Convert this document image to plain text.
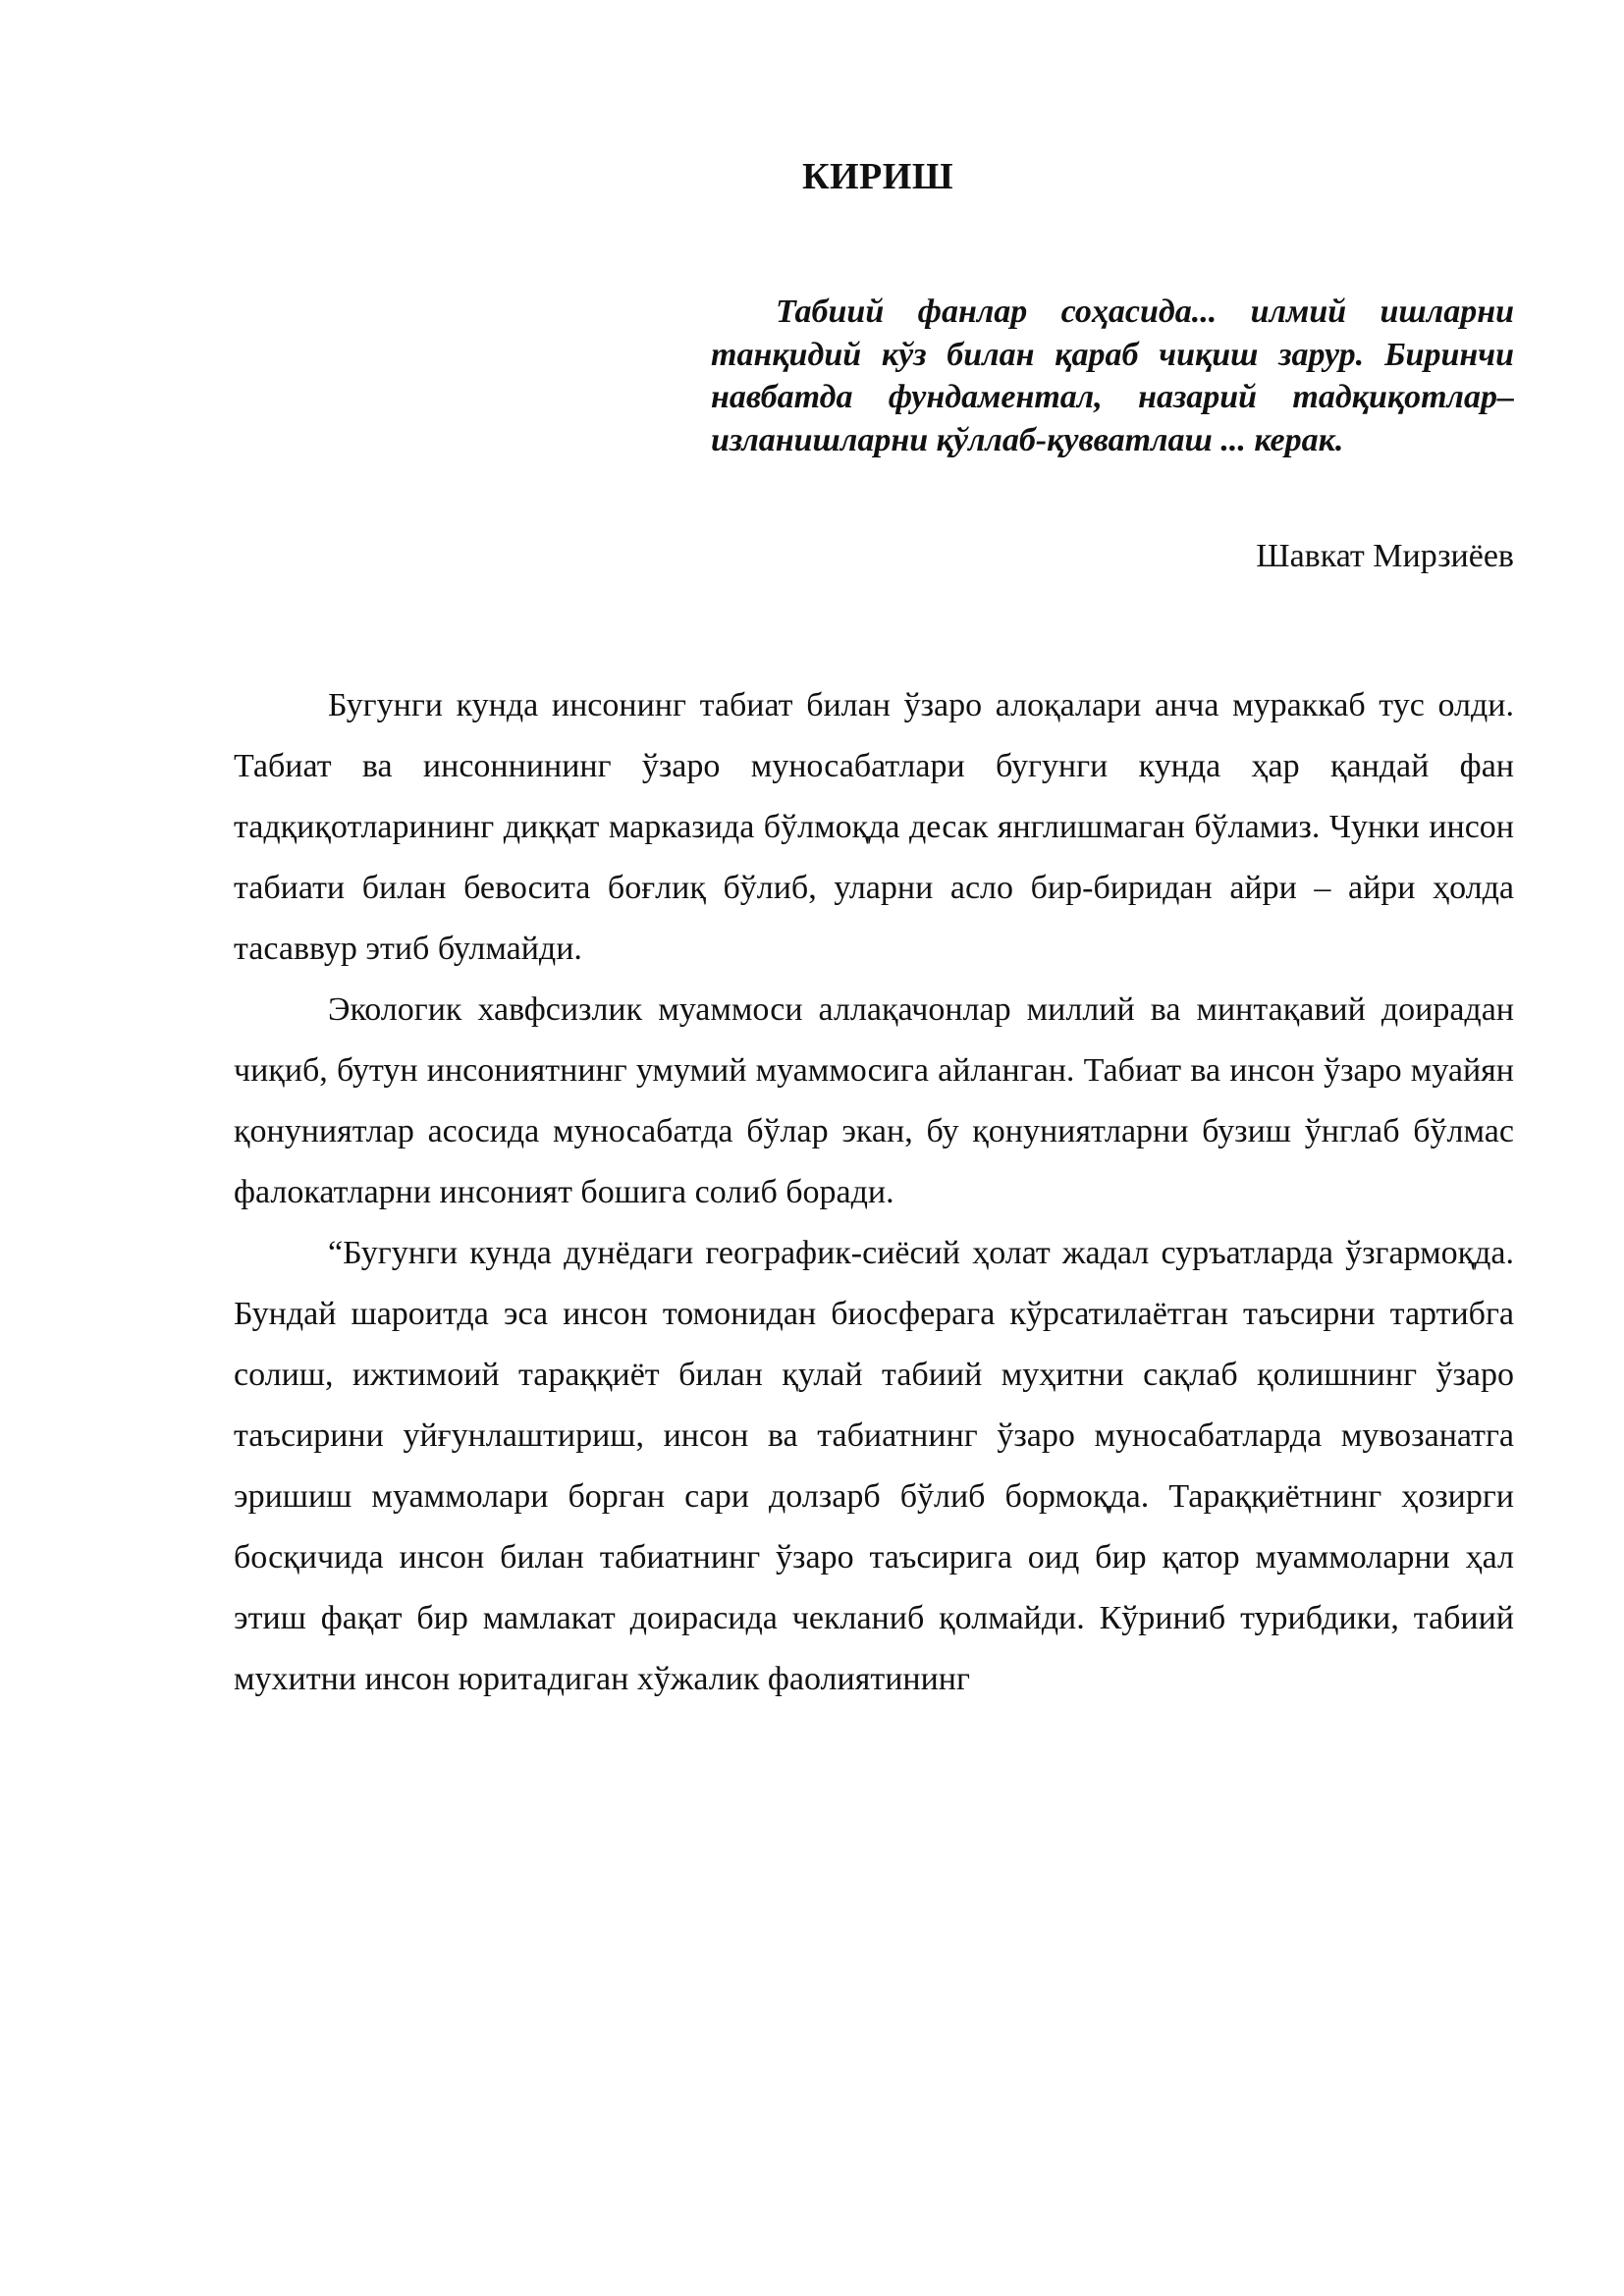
КИРИШ

Табиий фанлар соҳасида... илмий ишларни танқидий кўз билан қараб чиқиш зарур. Биринчи навбатда фундаментал, назарий тадқиқотлар–изланишларни қўллаб-қувватлаш ... керак.

Шавкат Мирзиёев

Бугунги кунда инсонинг табиат билан ўзаро алоқалари анча мураккаб тус олди. Табиат ва инсоннининг ўзаро муносабатлари бугунги кунда ҳар қандай фан тадқиқотларининг диққат марказида бўлмоқда десак янглишмаган бўламиз. Чунки инсон табиати билан бевосита боғлиқ бўлиб, уларни асло бир-биридан айри – айри ҳолда тасаввур этиб булмайди.

Экологик хавфсизлик муаммоси аллақачонлар миллий ва минтақавий доирадан чиқиб, бутун инсониятнинг умумий муаммосига айланган. Табиат ва инсон ўзаро муайян қонуниятлар асосида муносабатда бўлар экан, бу қонуниятларни бузиш ўнглаб бўлмас фалокатларни инсоният бошига солиб боради.

“Бугунги кунда дунёдаги географик-сиёсий ҳолат жадал суръатларда ўзгармоқда. Бундай шароитда эса инсон томонидан биосферага кўрсатилаётган таъсирни тартибга солиш, ижтимоий тараққиёт билан қулай табиий муҳитни сақлаб қолишнинг ўзаро таъсирини уйғунлаштириш, инсон ва табиатнинг ўзаро муносабатларда мувозанатга эришиш муаммолари борган сари долзарб бўлиб бормоқда. Тараққиётнинг ҳозирги босқичида инсон билан табиатнинг ўзаро таъсирига оид бир қатор муаммоларни ҳал этиш фақат бир мамлакат доирасида чекланиб қолмайди. Кўриниб турибдики, табиий мухитни инсон юритадиган хўжалик фаолиятининг
